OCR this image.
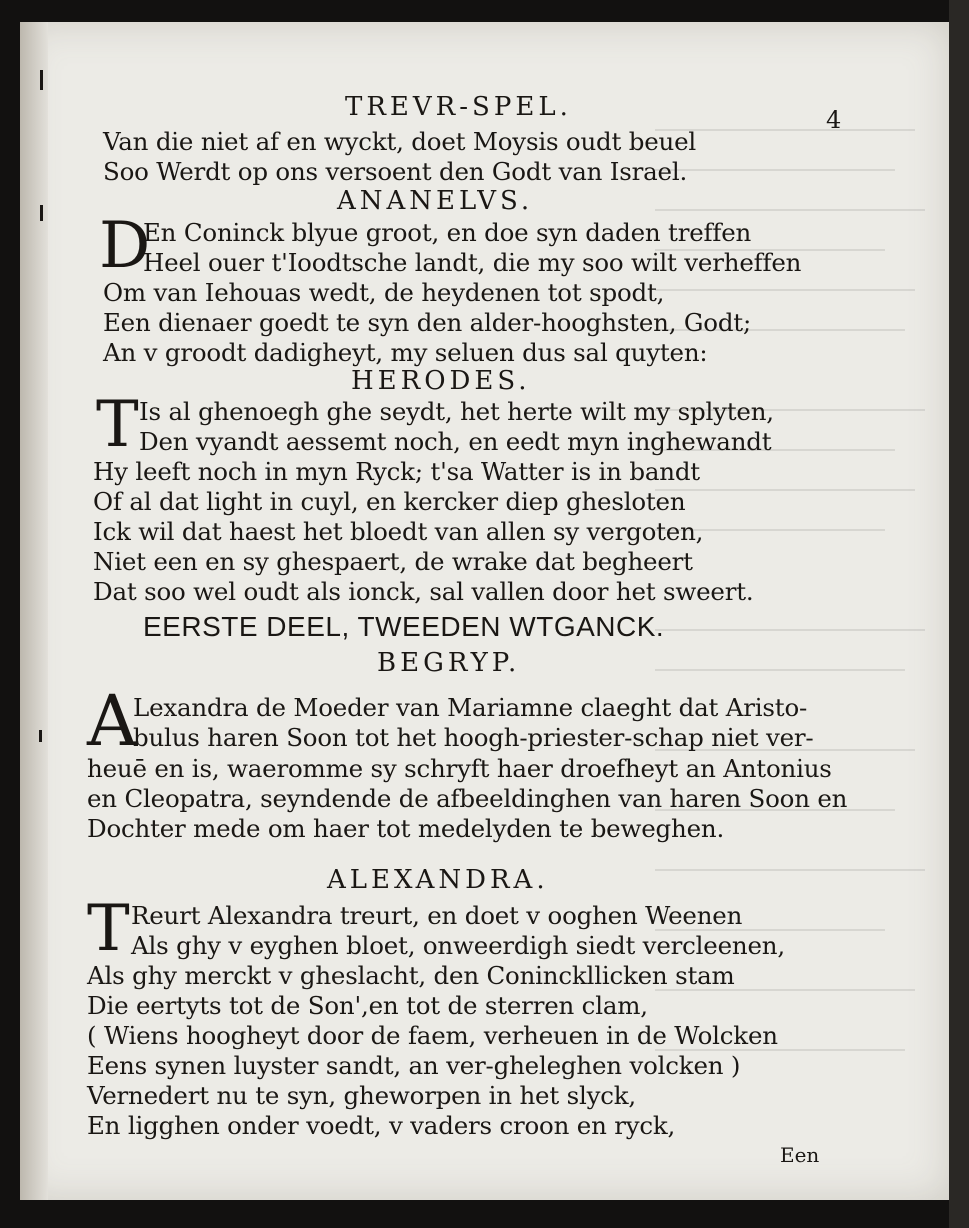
TREVR-SPEL.	4
Van die niet af en wyckt, doet Moysis oudt beuel
Soo Werdt op ons versoent den Godt van Israel.
ANANELVS.
D
En Coninck blyue groot, en doe syn daden treffen
Heel ouer t'Ioodtsche landt, die my soo wilt verheffen
Om van Iehouas wedt, de heydenen tot spodt,
Een dienaer goedt te syn den alder-hooghsten, Godt;
An v groodt dadigheyt, my seluen dus sal quyten:
HERODES.
T Is al ghenoegh ghe seydt, het herte wilt my splyten,
Den vyandt aessemt noch, en eedt myn inghewandt
Hy leeft noch in myn Ryck; t'sa Watter is in bandt
Of al dat light in cuyl, en kercker diep ghesloten
Ick wil dat haest het bloedt van allen sy vergoten,
Niet een en sy ghespaert, de wrake dat begheert
Dat soo wel oudt als ionck, sal vallen door het sweert.
EERSTE DEEL, TWEEDEN WTGANCK.
BEGRYP.
A
Lexandra de Moeder van Mariamne claeght dat Aristo-
bulus haren Soon tot het hoogh-priester-schap niet ver-
heuē en is, waeromme sy schryft haer droefheyt an Antonius
en Cleopatra, seyndende de afbeeldinghen van haren Soon en
Dochter mede om haer tot medelyden te beweghen.
ALEXANDRA.
T Reurt Alexandra treurt, en doet v ooghen Weenen
Als ghy v eyghen bloet, onweerdigh siedt vercleenen,
Als ghy merckt v gheslacht, den Coninckllicken stam
Die eertyts tot de Son',en tot de sterren clam,
( Wiens hoogheyt door de faem, verheuen in de Wolcken
Eens synen luyster sandt, an ver-gheleghen volcken )
Vernedert nu te syn, gheworpen in het slyck,
En ligghen onder voedt, v vaders croon en ryck,
Een
